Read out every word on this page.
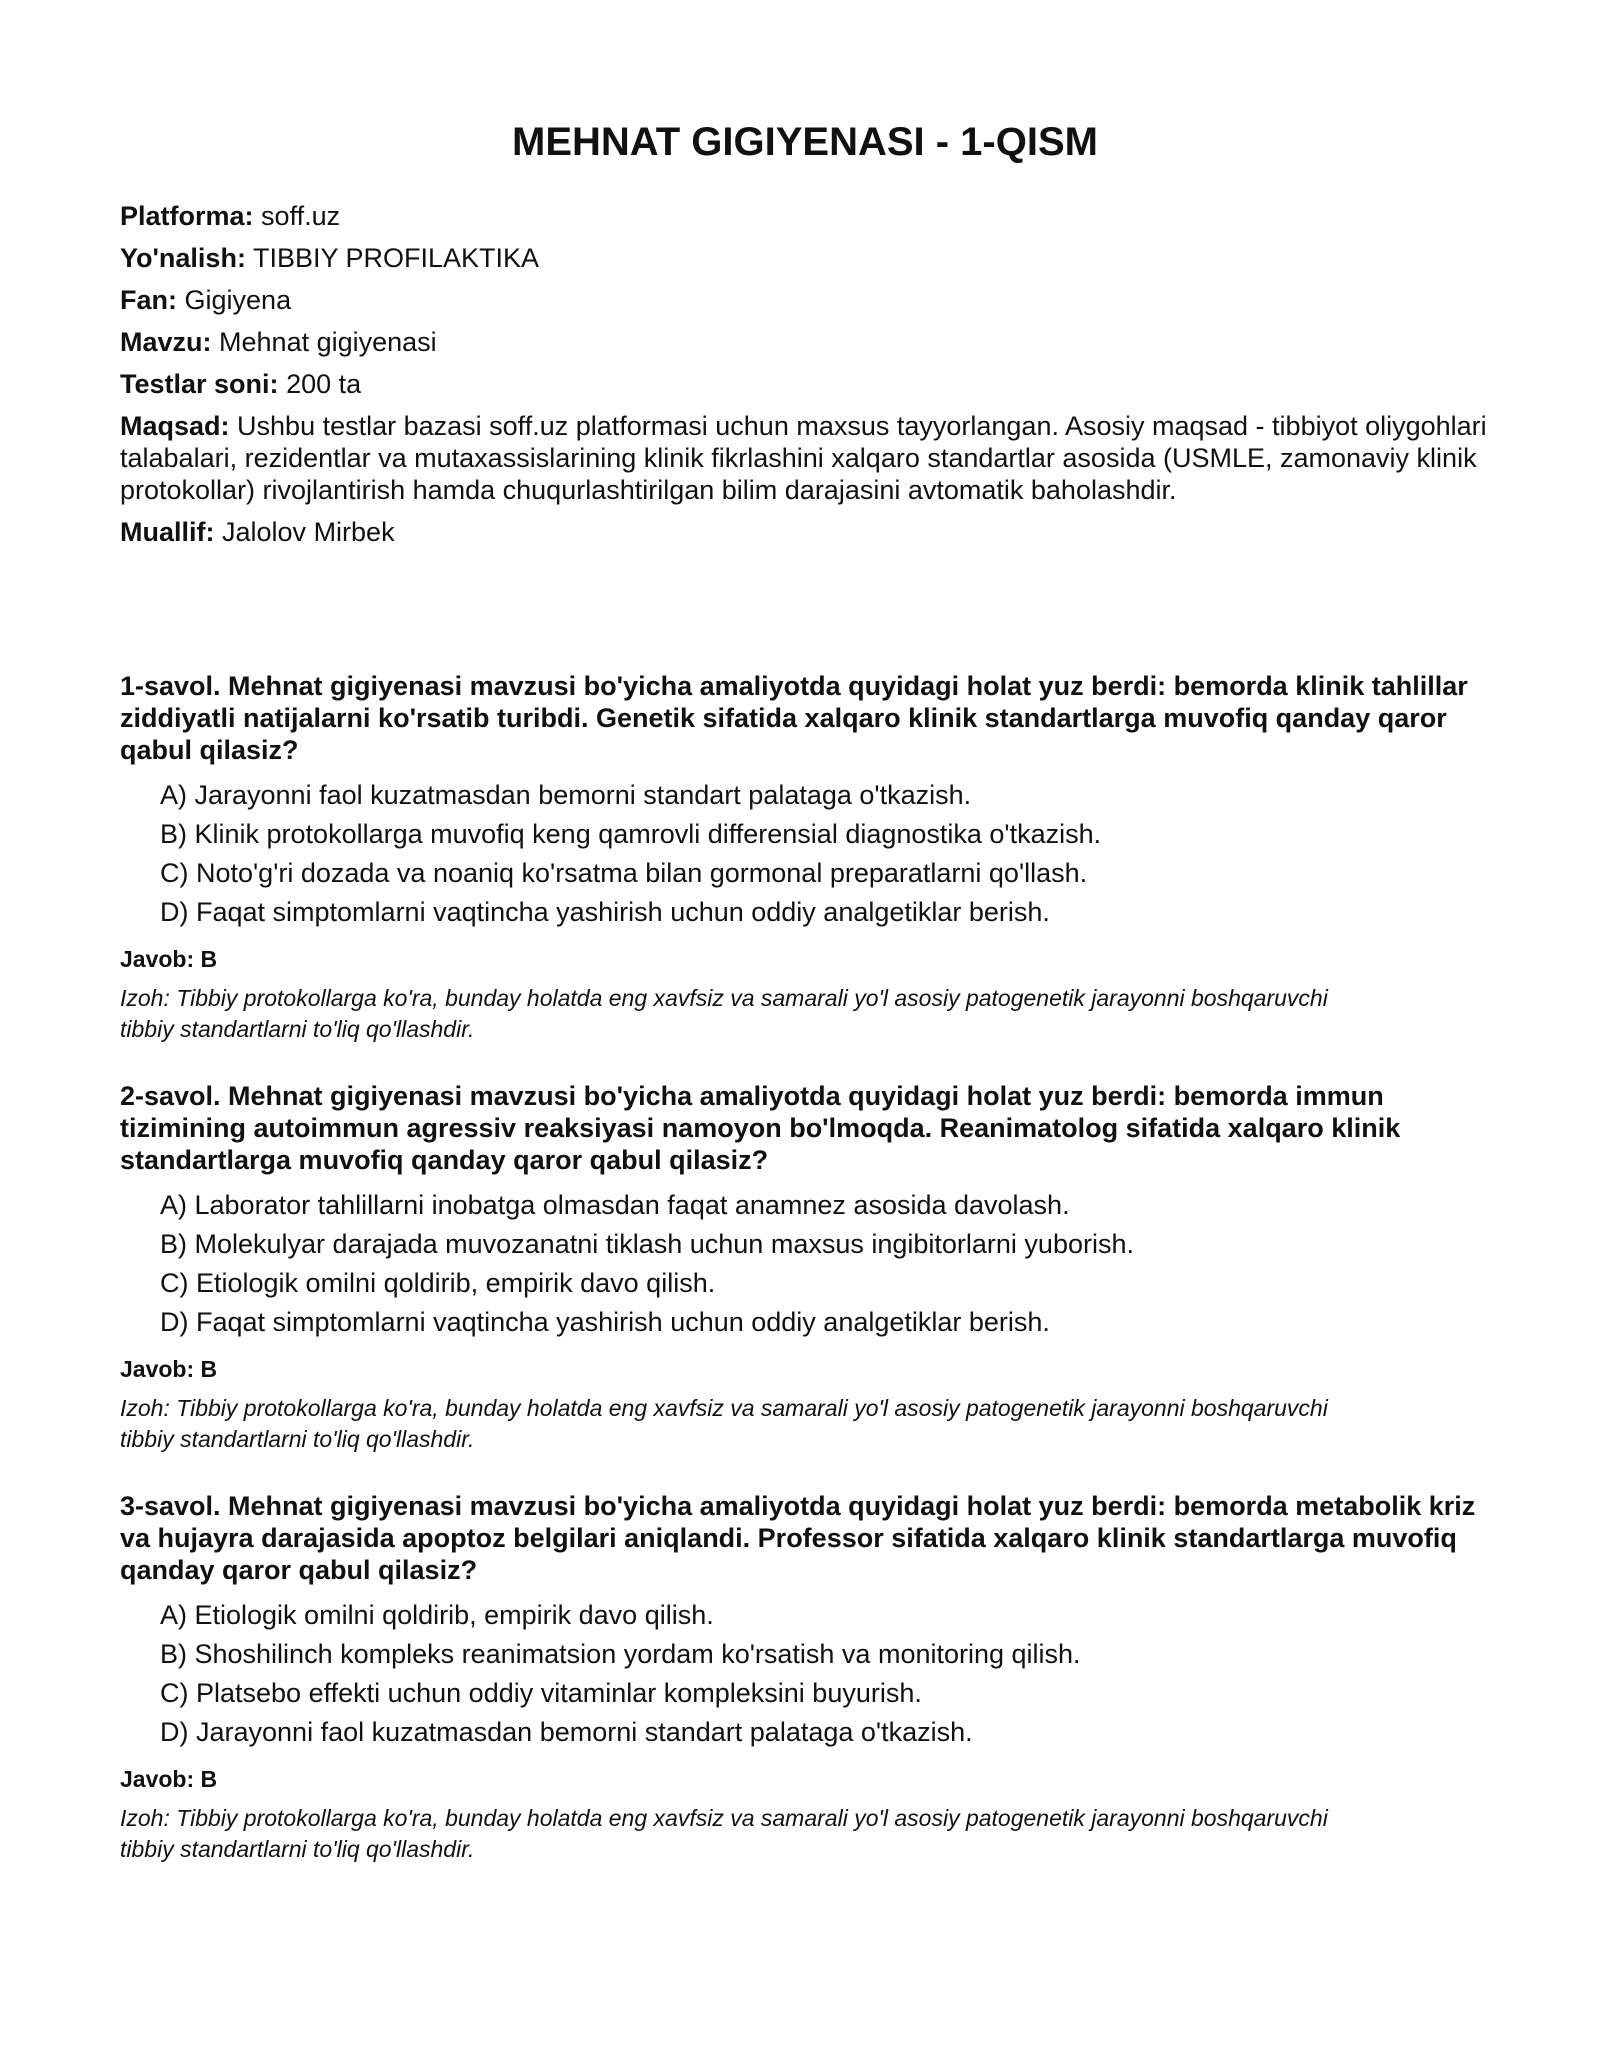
MEHNAT GIGIYENASI - 1-QISM

Platforma: soff.uz

Yo'nalish: TIBBIY PROFILAKTIKA

Fan: Gigiyena

Mavzu: Mehnat gigiyenasi

Testlar soni: 200 ta

Maqsad: Ushbu testlar bazasi soff.uz platformasi uchun maxsus tayyorlangan. Asosiy maqsad - tibbiyot oliygohlari talabalari, rezidentlar va mutaxassislarining klinik fikrlashini xalqaro standartlar asosida (USMLE, zamonaviy klinik protokollar) rivojlantirish hamda chuqurlashtirilgan bilim darajasini avtomatik baholashdir.

Muallif: Jalolov Mirbek

1-savol. Mehnat gigiyenasi mavzusi bo'yicha amaliyotda quyidagi holat yuz berdi: bemorda klinik tahlillar ziddiyatli natijalarni ko'rsatib turibdi. Genetik sifatida xalqaro klinik standartlarga muvofiq qanday qaror qabul qilasiz?

A) Jarayonni faol kuzatmasdan bemorni standart palataga o'tkazish.
B) Klinik protokollarga muvofiq keng qamrovli differensial diagnostika o'tkazish.
C) Noto'g'ri dozada va noaniq ko'rsatma bilan gormonal preparatlarni qo'llash.
D) Faqat simptomlarni vaqtincha yashirish uchun oddiy analgetiklar berish.

Javob: B

Izoh: Tibbiy protokollarga ko'ra, bunday holatda eng xavfsiz va samarali yo'l asosiy patogenetik jarayonni boshqaruvchi tibbiy standartlarni to'liq qo'llashdir.

2-savol. Mehnat gigiyenasi mavzusi bo'yicha amaliyotda quyidagi holat yuz berdi: bemorda immun tizimining autoimmun agressiv reaksiyasi namoyon bo'lmoqda. Reanimatolog sifatida xalqaro klinik standartlarga muvofiq qanday qaror qabul qilasiz?

A) Laborator tahlillarni inobatga olmasdan faqat anamnez asosida davolash.
B) Molekulyar darajada muvozanatni tiklash uchun maxsus ingibitorlarni yuborish.
C) Etiologik omilni qoldirib, empirik davo qilish.
D) Faqat simptomlarni vaqtincha yashirish uchun oddiy analgetiklar berish.

Javob: B

Izoh: Tibbiy protokollarga ko'ra, bunday holatda eng xavfsiz va samarali yo'l asosiy patogenetik jarayonni boshqaruvchi tibbiy standartlarni to'liq qo'llashdir.

3-savol. Mehnat gigiyenasi mavzusi bo'yicha amaliyotda quyidagi holat yuz berdi: bemorda metabolik kriz va hujayra darajasida apoptoz belgilari aniqlandi. Professor sifatida xalqaro klinik standartlarga muvofiq qanday qaror qabul qilasiz?

A) Etiologik omilni qoldirib, empirik davo qilish.
B) Shoshilinch kompleks reanimatsion yordam ko'rsatish va monitoring qilish.
C) Platsebo effekti uchun oddiy vitaminlar kompleksini buyurish.
D) Jarayonni faol kuzatmasdan bemorni standart palataga o'tkazish.

Javob: B

Izoh: Tibbiy protokollarga ko'ra, bunday holatda eng xavfsiz va samarali yo'l asosiy patogenetik jarayonni boshqaruvchi tibbiy standartlarni to'liq qo'llashdir.
